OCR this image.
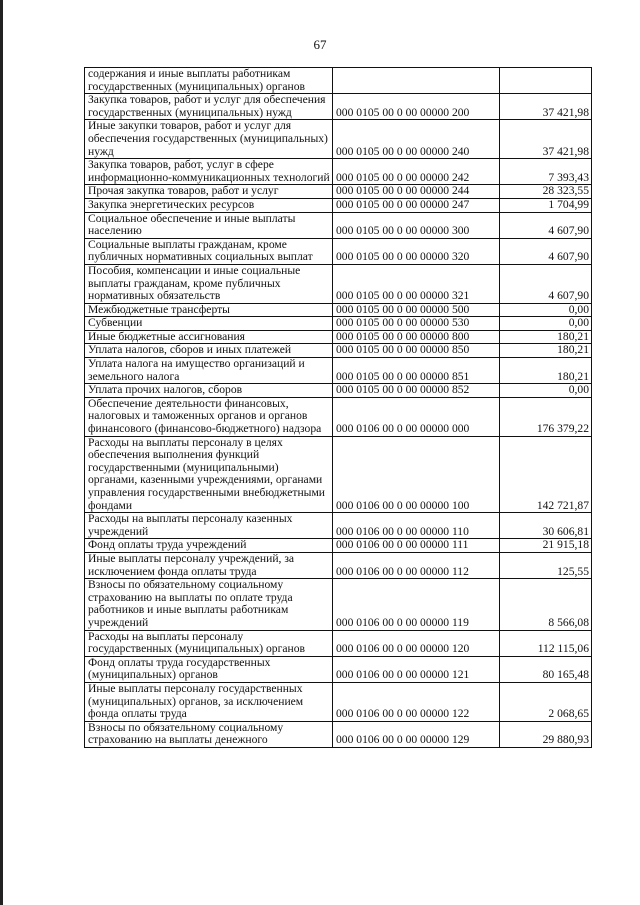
67
содержания и иные выплаты работникам государственных (муниципальных) органов		
Закупка товаров, работ и услуг для обеспечения государственных (муниципальных) нужд	000 0105 00 0 00 00000 200	37 421,98
Иные закупки товаров, работ и услуг для обеспечения государственных (муниципальных) нужд	000 0105 00 0 00 00000 240	37 421,98
Закупка товаров, работ, услуг в сфере информационно-коммуникационных технологий	000 0105 00 0 00 00000 242	7 393,43
Прочая закупка товаров, работ и услуг	000 0105 00 0 00 00000 244	28 323,55
Закупка энергетических ресурсов	000 0105 00 0 00 00000 247	1 704,99
Социальное обеспечение и иные выплаты населению	000 0105 00 0 00 00000 300	4 607,90
Социальные выплаты гражданам, кроме публичных нормативных социальных выплат	000 0105 00 0 00 00000 320	4 607,90
Пособия, компенсации и иные социальные выплаты гражданам, кроме публичных нормативных обязательств	000 0105 00 0 00 00000 321	4 607,90
Межбюджетные трансферты	000 0105 00 0 00 00000 500	0,00
Субвенции	000 0105 00 0 00 00000 530	0,00
Иные бюджетные ассигнования	000 0105 00 0 00 00000 800	180,21
Уплата налогов, сборов и иных платежей	000 0105 00 0 00 00000 850	180,21
Уплата налога на имущество организаций и земельного налога	000 0105 00 0 00 00000 851	180,21
Уплата прочих налогов, сборов	000 0105 00 0 00 00000 852	0,00
Обеспечение деятельности финансовых, налоговых и таможенных органов и органов финансового (финансово-бюджетного) надзора	000 0106 00 0 00 00000 000	176 379,22
Расходы на выплаты персоналу в целях обеспечения выполнения функций государственными (муниципальными) органами, казенными учреждениями, органами управления государственными внебюджетными фондами	000 0106 00 0 00 00000 100	142 721,87
Расходы на выплаты персоналу казенных учреждений	000 0106 00 0 00 00000 110	30 606,81
Фонд оплаты труда учреждений	000 0106 00 0 00 00000 111	21 915,18
Иные выплаты персоналу учреждений, за исключением фонда оплаты труда	000 0106 00 0 00 00000 112	125,55
Взносы по обязательному социальному страхованию на выплаты по оплате труда работников и иные выплаты работникам учреждений	000 0106 00 0 00 00000 119	8 566,08
Расходы на выплаты персоналу государственных (муниципальных) органов	000 0106 00 0 00 00000 120	112 115,06
Фонд оплаты труда государственных (муниципальных) органов	000 0106 00 0 00 00000 121	80 165,48
Иные выплаты персоналу государственных (муниципальных) органов, за исключением фонда оплаты труда	000 0106 00 0 00 00000 122	2 068,65
Взносы по обязательному социальному страхованию на выплаты денежного	000 0106 00 0 00 00000 129	29 880,93
